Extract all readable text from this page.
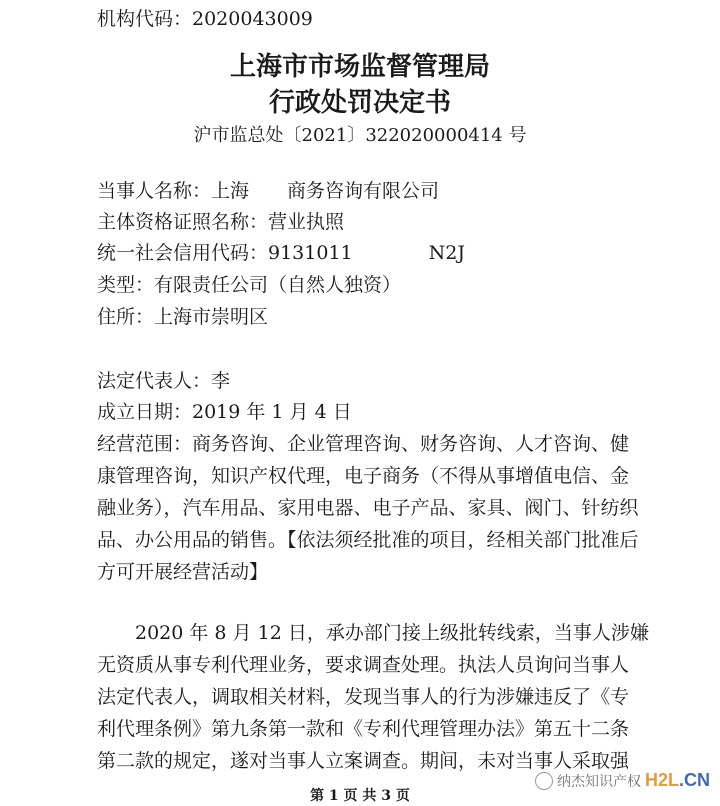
机构代码：2020043009
上海市市场监督管理局
行政处罚决定书
沪市监总处〔2021〕322020000414 号
当事人名称：上海　　商务咨询有限公司
主体资格证照名称：营业执照
统一社会信用代码：9131011　　　　N2J
类型：有限责任公司（自然人独资）
住所：上海市崇明区
法定代表人：李
成立日期：2019 年 1 月 4 日
经营范围：商务咨询、企业管理咨询、财务咨询、人才咨询、健
康管理咨询，知识产权代理，电子商务（不得从事增值电信、金
融业务），汽车用品、家用电器、电子产品、家具、阀门、针纺织
品、办公用品的销售。【依法须经批准的项目，经相关部门批准后
方可开展经营活动】
　　2020 年 8 月 12 日，承办部门接上级批转线索，当事人涉嫌
无资质从事专利代理业务，要求调查处理。执法人员询问当事人
法定代表人，调取相关材料，发现当事人的行为涉嫌违反了《专
利代理条例》第九条第一款和《专利代理管理办法》第五十二条
第二款的规定，遂对当事人立案调查。期间，未对当事人采取强
第 1 页 共 3 页
纳杰知识产权 H2L.CN
